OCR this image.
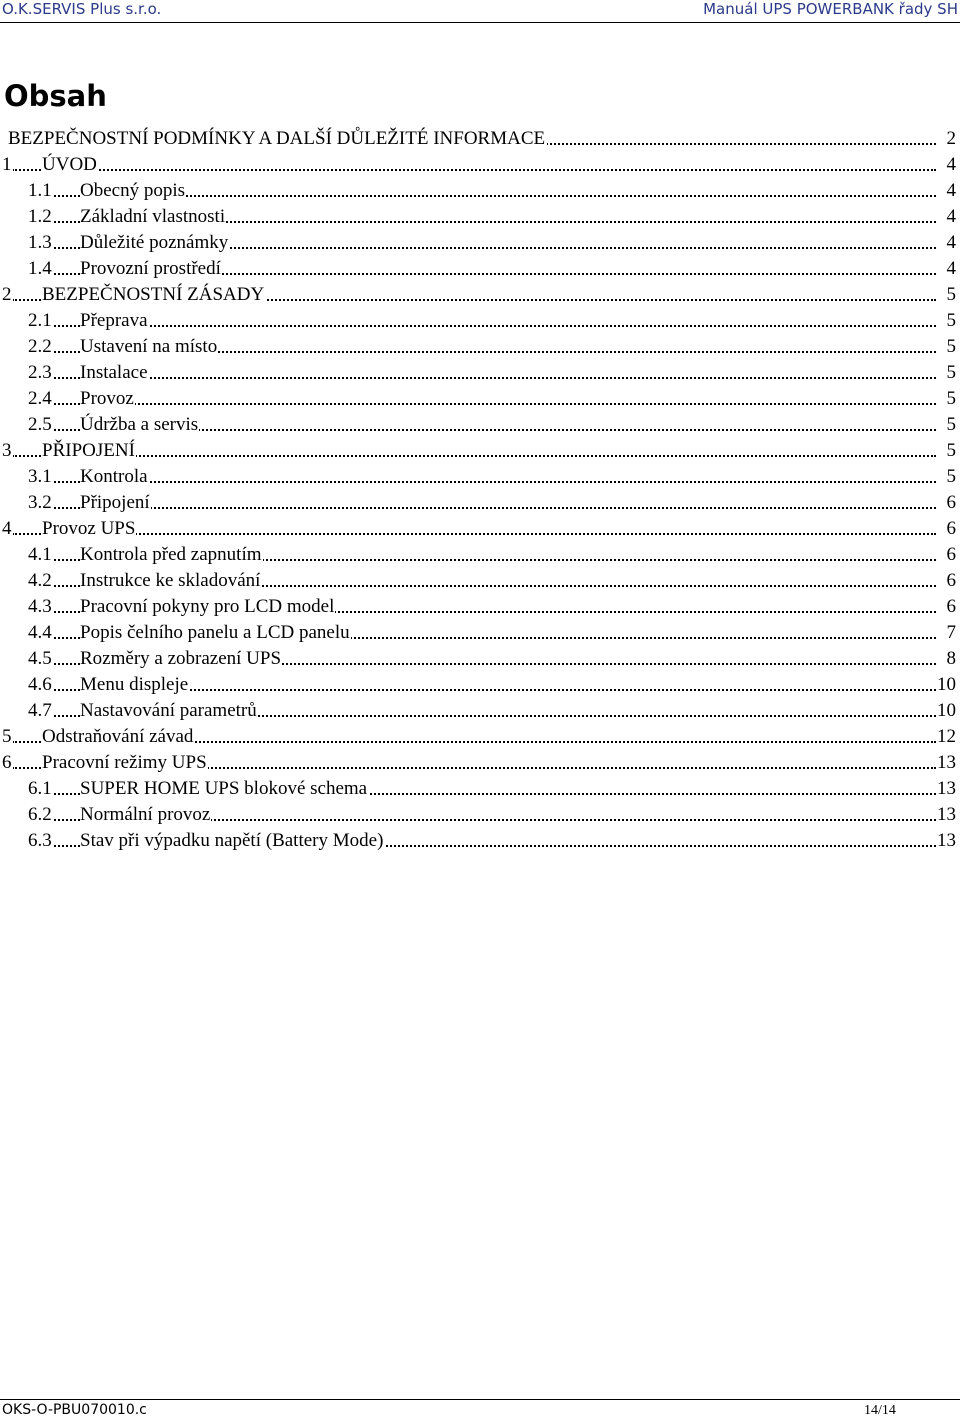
O.K.SERVIS Plus s.r.o.	Manuál UPS POWERBANK řady SH
Obsah
BEZPEČNOSTNÍ PODMÍNKY A DALŠÍ DŮLEŽITÉ INFORMACE	2
1 ÚVOD	4
1.1 Obecný popis	4
1.2 Základní vlastnosti	4
1.3 Důležité poznámky	4
1.4 Provozní prostředí	4
2 BEZPEČNOSTNÍ ZÁSADY	5
2.1 Přeprava	5
2.2 Ustavení na místo	5
2.3 Instalace	5
2.4 Provoz	5
2.5 Údržba a servis	5
3 PŘIPOJENÍ	5
3.1 Kontrola	5
3.2 Připojení	6
4 Provoz UPS	6
4.1 Kontrola před zapnutím	6
4.2 Instrukce ke skladování	6
4.3 Pracovní pokyny pro LCD model	6
4.4 Popis čelního panelu a LCD panelu	7
4.5 Rozměry a zobrazení UPS	8
4.6 Menu displeje	10
4.7 Nastavování parametrů	10
5 Odstraňování závad	12
6 Pracovní režimy UPS	13
6.1 SUPER HOME UPS blokové schema	13
6.2 Normální provoz	13
6.3 Stav při výpadku napětí (Battery Mode)	13
OKS-O-PBU070010.c	14/14
